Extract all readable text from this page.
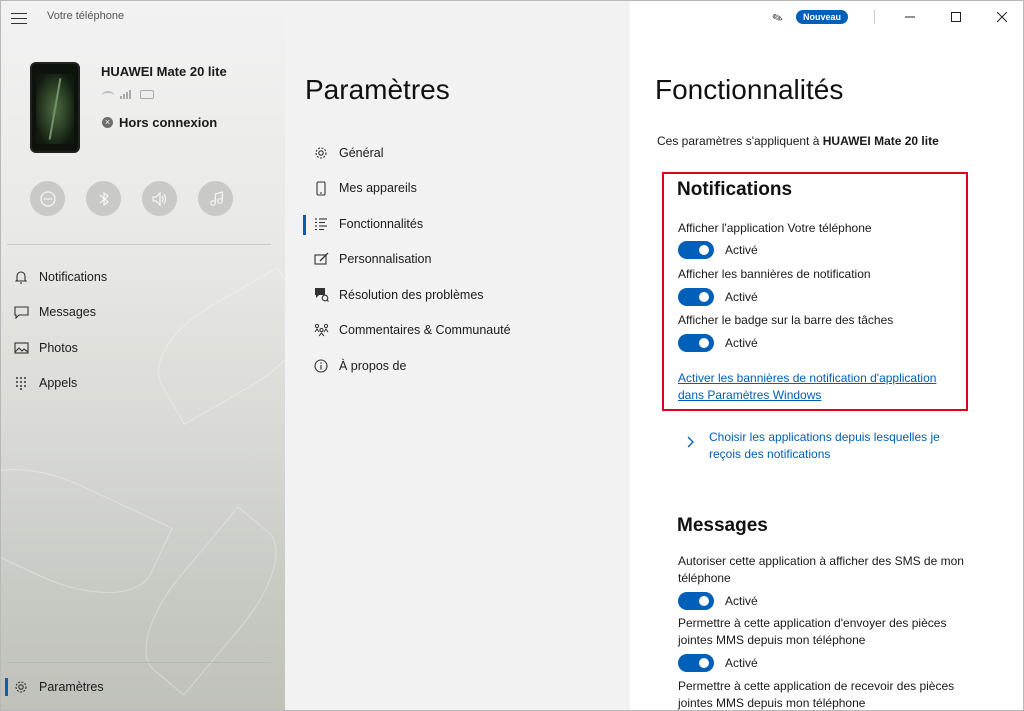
Votre téléphone
HUAWEI Mate 20 lite
× Hors connexion
Notifications
Messages
Photos
Appels
Paramètres
Paramètres
Général
Mes appareils
Fonctionnalités
Personnalisation
Résolution des problèmes
Commentaires & Communauté
À propos de
✎	Nouveau
Fonctionnalités
Ces paramètres s'appliquent à HUAWEI Mate 20 lite
Notifications
Afficher l'application Votre téléphone
Activé
Afficher les bannières de notification
Activé
Afficher le badge sur la barre des tâches
Activé
Activer les bannières de notification d'application
dans Paramètres Windows
Choisir les applications depuis lesquelles je
reçois des notifications
Messages
Autoriser cette application à afficher des SMS de mon
téléphone
Activé
Permettre à cette application d'envoyer des pièces
jointes MMS depuis mon téléphone
Activé
Permettre à cette application de recevoir des pièces
jointes MMS depuis mon téléphone
